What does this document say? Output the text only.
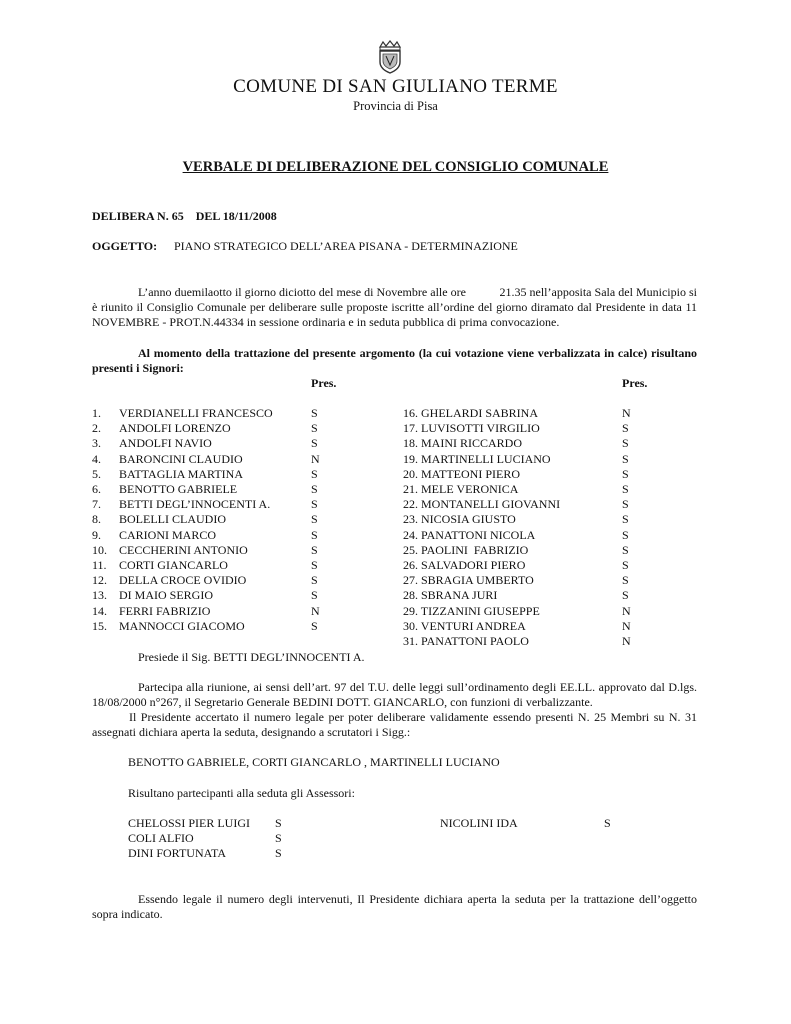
COMUNE DI SAN GIULIANO TERME
Provincia di Pisa
VERBALE DI DELIBERAZIONE DEL CONSIGLIO COMUNALE
DELIBERA N. 65    DEL 18/11/2008
OGGETTO: PIANO STRATEGICO DELL’AREA PISANA - DETERMINAZIONE

L’anno duemilaotto il giorno diciotto del mese di Novembre alle ore           21.35 nell’apposita Sala del Municipio si è riunito il Consiglio Comunale per deliberare sulle proposte iscritte all’ordine del giorno diramato dal Presidente in data 11 NOVEMBRE - PROT.N.44334 in sessione ordinaria e in seduta pubblica di prima convocazione.

Al momento della trattazione del presente argomento (la cui votazione viene verbalizzata in calce) risultano presenti i Signori:

Pres.	Pres.
1. VERDIANELLI FRANCESCO	S
2. ANDOLFI LORENZO	S
3. ANDOLFI NAVIO	S
4. BARONCINI CLAUDIO	N
5. BATTAGLIA MARTINA	S
6. BENOTTO GABRIELE	S
7. BETTI DEGL’INNOCENTI A.	S
8. BOLELLI CLAUDIO	S
9. CARIONI MARCO	S
10. CECCHERINI ANTONIO	S
11. CORTI GIANCARLO	S
12. DELLA CROCE OVIDIO	S
13. DI MAIO SERGIO	S
14. FERRI FABRIZIO	N
15. MANNOCCI GIACOMO	S
16. GHELARDI SABRINA	N
17. LUVISOTTI VIRGILIO	S
18. MAINI RICCARDO	S
19. MARTINELLI LUCIANO	S
20. MATTEONI PIERO	S
21. MELE VERONICA	S
22. MONTANELLI GIOVANNI	S
23. NICOSIA GIUSTO	S
24. PANATTONI NICOLA	S
25. PAOLINI  FABRIZIO	S
26. SALVADORI PIERO	S
27. SBRAGIA UMBERTO	S
28. SBRANA JURI	S
29. TIZZANINI GIUSEPPE	N
30. VENTURI ANDREA	N
31. PANATTONI PAOLO	N
Presiede il Sig. BETTI DEGL’INNOCENTI A.

Partecipa alla riunione, ai sensi dell’art. 97 del T.U. delle leggi sull’ordinamento degli EE.LL. approvato dal D.lgs. 18/08/2000 n°267, il Segretario Generale BEDINI DOTT. GIANCARLO, con funzioni di verbalizzante.

Il Presidente accertato il numero legale per poter deliberare validamente essendo presenti N. 25 Membri su N. 31 assegnati dichiara aperta la seduta, designando a scrutatori i Sigg.:

BENOTTO GABRIELE, CORTI GIANCARLO , MARTINELLI LUCIANO
Risultano partecipanti alla seduta gli Assessori:
CHELOSSI PIER LUIGI S
COLI ALFIO	S
DINI FORTUNATA	S
NICOLINI IDA	S

Essendo legale il numero degli intervenuti, Il Presidente dichiara aperta la seduta per la trattazione dell’oggetto sopra indicato.
